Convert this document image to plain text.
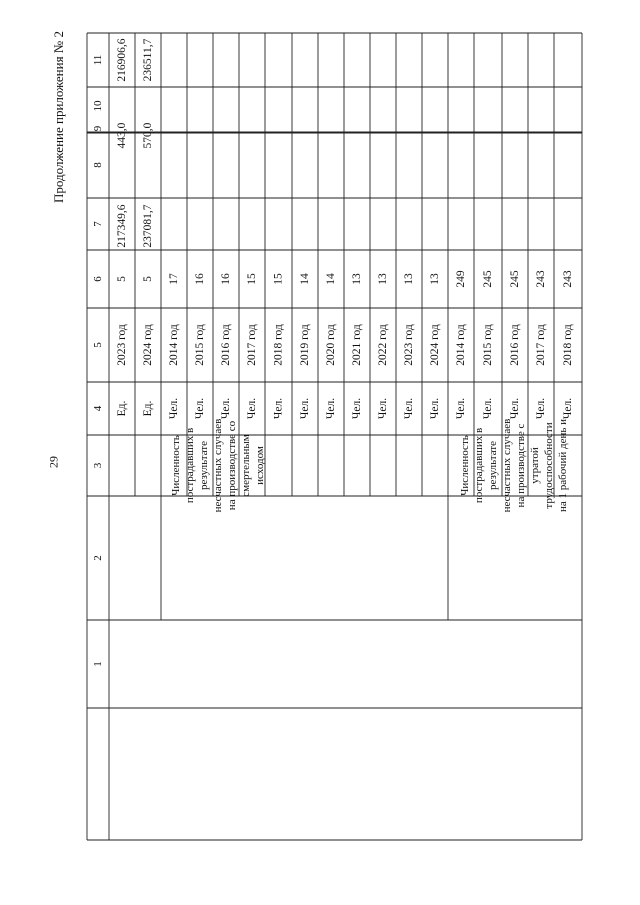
29
Продолжение приложения № 2 11
10
9
8
7
6
5
4
3
2
1
216906,6
443,0
217349,6
5
2023 год
Ед.
236511,7
570,0
237081,7
5
2024 год
Ед.
17
2014 год
Чел.
16
2015 год
Чел.
16
2016 год
Чел.
15
2017 год
Чел.
15
2018 год
Чел.
14
2019 год
Чел.
14
2020 год
Чел.
13
2021 год
Чел.
13
2022 год
Чел.
13
2023 год
Чел.
13
2024 год
Чел.
249
2014 год
Чел.
245
2015 год
Чел.
245
2016 год
Чел.
243
2017 год
Чел.
243
2018 год
Чел.
Численность пострадавших в результате несчастных случаев на производстве со смертельным исходом	Численность пострадавших в результате несчастных случаев на производстве с утратой трудоспособности на 1 рабочий день и
